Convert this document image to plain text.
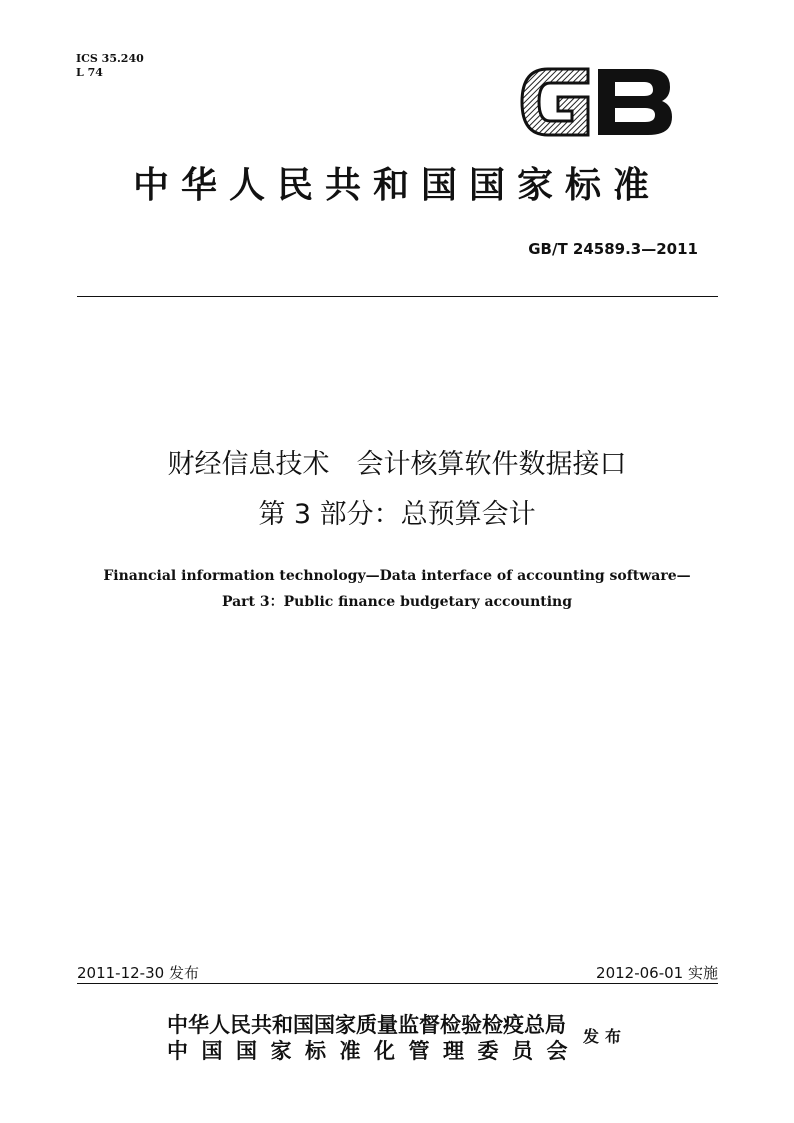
ICS 35.240
L 74
中华人民共和国国家标准
GB/T 24589.3—2011
财经信息技术　会计核算软件数据接口
第 3 部分：总预算会计
Financial information technology—Data interface of accounting software—
Part 3：Public finance budgetary accounting
2011-12-30 发布	2012-06-01 实施
中华人民共和国国家质量监督检验检疫总局
中国国家标准化管理委员会
发布
